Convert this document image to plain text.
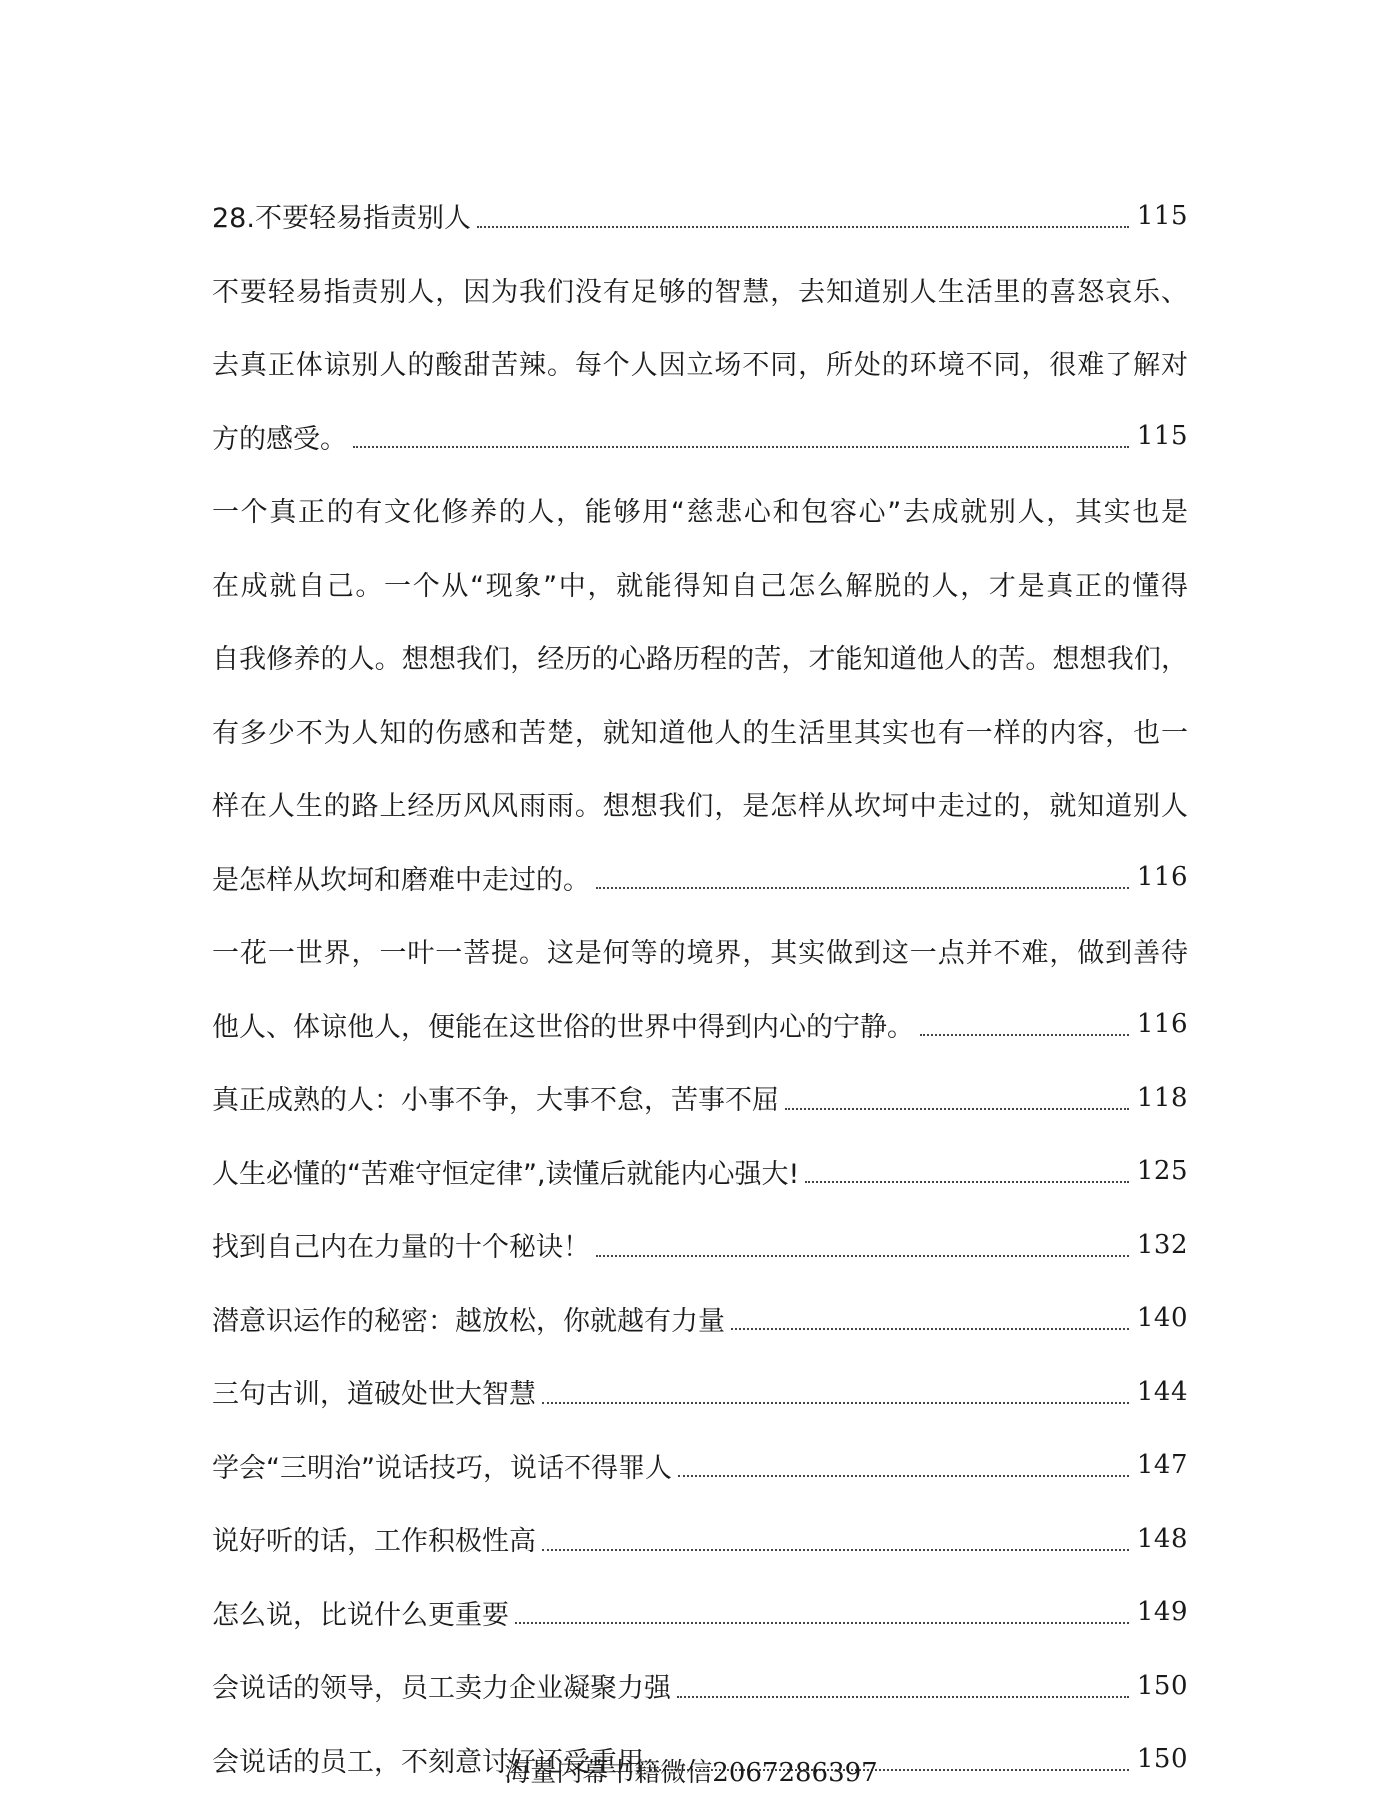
28.不要轻易指责别人	115
不要轻易指责别人，因为我们没有足够的智慧，去知道别人生活里的喜怒哀乐、
去真正体谅别人的酸甜苦辣。每个人因立场不同，所处的环境不同，很难了解对
方的感受。	115
一个真正的有文化修养的人，能够用“慈悲心和包容心”去成就别人，其实也是
在成就自己。一个从“现象”中，就能得知自己怎么解脱的人，才是真正的懂得
自我修养的人。想想我们，经历的心路历程的苦，才能知道他人的苦。想想我们，
有多少不为人知的伤感和苦楚，就知道他人的生活里其实也有一样的内容，也一
样在人生的路上经历风风雨雨。想想我们，是怎样从坎坷中走过的，就知道别人
是怎样从坎坷和磨难中走过的。	116
一花一世界，一叶一菩提。这是何等的境界，其实做到这一点并不难，做到善待
他人、体谅他人，便能在这世俗的世界中得到内心的宁静。	116
真正成熟的人：小事不争，大事不怠，苦事不屈	118
人生必懂的“苦难守恒定律”,读懂后就能内心强大!	125
找到自己内在力量的十个秘诀！	132
潜意识运作的秘密：越放松，你就越有力量	140
三句古训，道破处世大智慧	144
学会“三明治”说话技巧，说话不得罪人	147
说好听的话，工作积极性高	148
怎么说，比说什么更重要	149
会说话的领导，员工卖力企业凝聚力强	150
会说话的员工，不刻意讨好还受重用	150
海量内幕书籍微信2067286397
